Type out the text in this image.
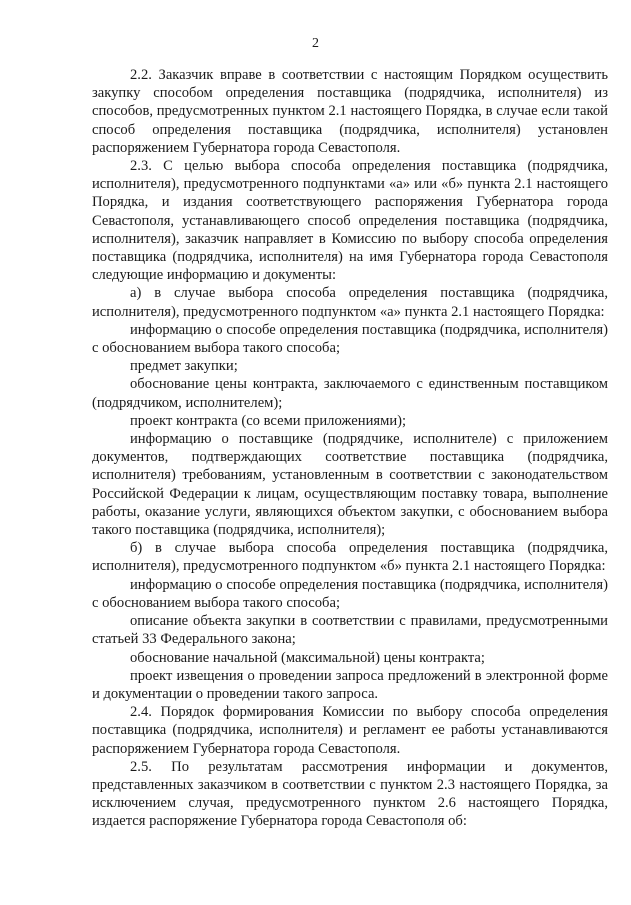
2

2.2. Заказчик вправе в соответствии с настоящим Порядком осуществить закупку способом определения поставщика (подрядчика, исполнителя) из способов, предусмотренных пунктом 2.1 настоящего Порядка, в случае если такой способ определения поставщика (подрядчика, исполнителя) установлен распоряжением Губернатора города Севастополя.

2.3. С целью выбора способа определения поставщика (подрядчика, исполнителя), предусмотренного подпунктами «а» или «б» пункта 2.1 настоящего Порядка, и издания соответствующего распоряжения Губернатора города Севастополя, устанавливающего способ определения поставщика (подрядчика, исполнителя), заказчик направляет в Комиссию по выбору способа определения поставщика (подрядчика, исполнителя) на имя Губернатора города Севастополя следующие информацию и документы:

а) в случае выбора способа определения поставщика (подрядчика, исполнителя), предусмотренного подпунктом «а» пункта 2.1 настоящего Порядка:

информацию о способе определения поставщика (подрядчика, исполнителя) с обоснованием выбора такого способа;

предмет закупки;

обоснование цены контракта, заключаемого с единственным поставщиком (подрядчиком, исполнителем);

проект контракта (со всеми приложениями);

информацию о поставщике (подрядчике, исполнителе) с приложением документов, подтверждающих соответствие поставщика (подрядчика, исполнителя) требованиям, установленным в соответствии с законодательством Российской Федерации к лицам, осуществляющим поставку товара, выполнение работы, оказание услуги, являющихся объектом закупки, с обоснованием выбора такого поставщика (подрядчика, исполнителя);

б) в случае выбора способа определения поставщика (подрядчика, исполнителя), предусмотренного подпунктом «б» пункта 2.1 настоящего Порядка:

информацию о способе определения поставщика (подрядчика, исполнителя) с обоснованием выбора такого способа;

описание объекта закупки в соответствии с правилами, предусмотренными статьей 33 Федерального закона;

обоснование начальной (максимальной) цены контракта;

проект извещения о проведении запроса предложений в электронной форме и документации о проведении такого запроса.

2.4. Порядок формирования Комиссии по выбору способа определения поставщика (подрядчика, исполнителя) и регламент ее работы устанавливаются распоряжением Губернатора города Севастополя.

2.5. По результатам рассмотрения информации и документов, представленных заказчиком в соответствии с пунктом 2.3 настоящего Порядка, за исключением случая, предусмотренного пунктом 2.6 настоящего Порядка, издается распоряжение Губернатора города Севастополя об:
